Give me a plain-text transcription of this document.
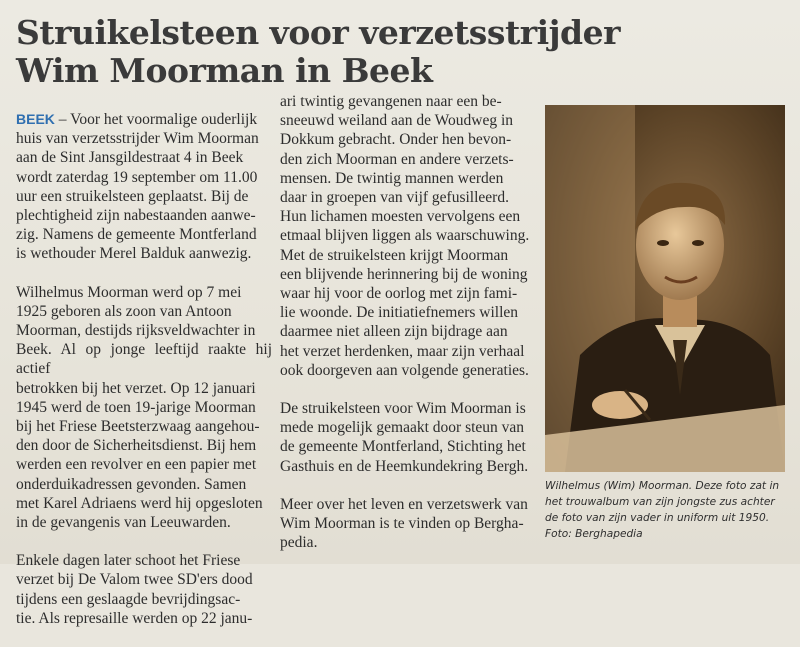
Struikelsteen voor verzetsstrijder
Wim Moorman in Beek

BEEK – Voor het voormalige ouderlijk
huis van verzetsstrijder Wim Moorman
aan de Sint Jansgildestraat 4 in Beek
wordt zaterdag 19 september om 11.00
uur een struikelsteen geplaatst. Bij de
plechtigheid zijn nabestaanden aanwe-
zig. Namens de gemeente Montferland
is wethouder Merel Balduk aanwezig.

Wilhelmus Moorman werd op 7 mei
1925 geboren als zoon van Antoon
Moorman, destijds rijksveldwachter in
Beek. Al op jonge leeftijd raakte hij actief
betrokken bij het verzet. Op 12 januari
1945 werd de toen 19-jarige Moorman
bij het Friese Beetsterzwaag aangehou-
den door de Sicherheitsdienst. Bij hem
werden een revolver en een papier met
onderduikadressen gevonden. Samen
met Karel Adriaens werd hij opgesloten
in de gevangenis van Leeuwarden.

Enkele dagen later schoot het Friese
verzet bij De Valom twee SD'ers dood
tijdens een geslaagde bevrijdingsac-
tie. Als represaille werden op 22 janu-

ari twintig gevangenen naar een be-
sneeuwd weiland aan de Woudweg in
Dokkum gebracht. Onder hen bevon-
den zich Moorman en andere verzets-
mensen. De twintig mannen werden
daar in groepen van vijf gefusilleerd.
Hun lichamen moesten vervolgens een
etmaal blijven liggen als waarschuwing.
Met de struikelsteen krijgt Moorman
een blijvende herinnering bij de woning
waar hij voor de oorlog met zijn fami-
lie woonde. De initiatiefnemers willen
daarmee niet alleen zijn bijdrage aan
het verzet herdenken, maar zijn verhaal
ook doorgeven aan volgende generaties.

De struikelsteen voor Wim Moorman is
mede mogelijk gemaakt door steun van
de gemeente Montferland, Stichting het
Gasthuis en de Heemkundekring Bergh.

Meer over het leven en verzetswerk van
Wim Moorman is te vinden op Bergha-
pedia.

Wilhelmus (Wim) Moorman. Deze foto zat in
het trouwalbum van zijn jongste zus achter
de foto van zijn vader in uniform uit 1950.
Foto: Berghapedia
